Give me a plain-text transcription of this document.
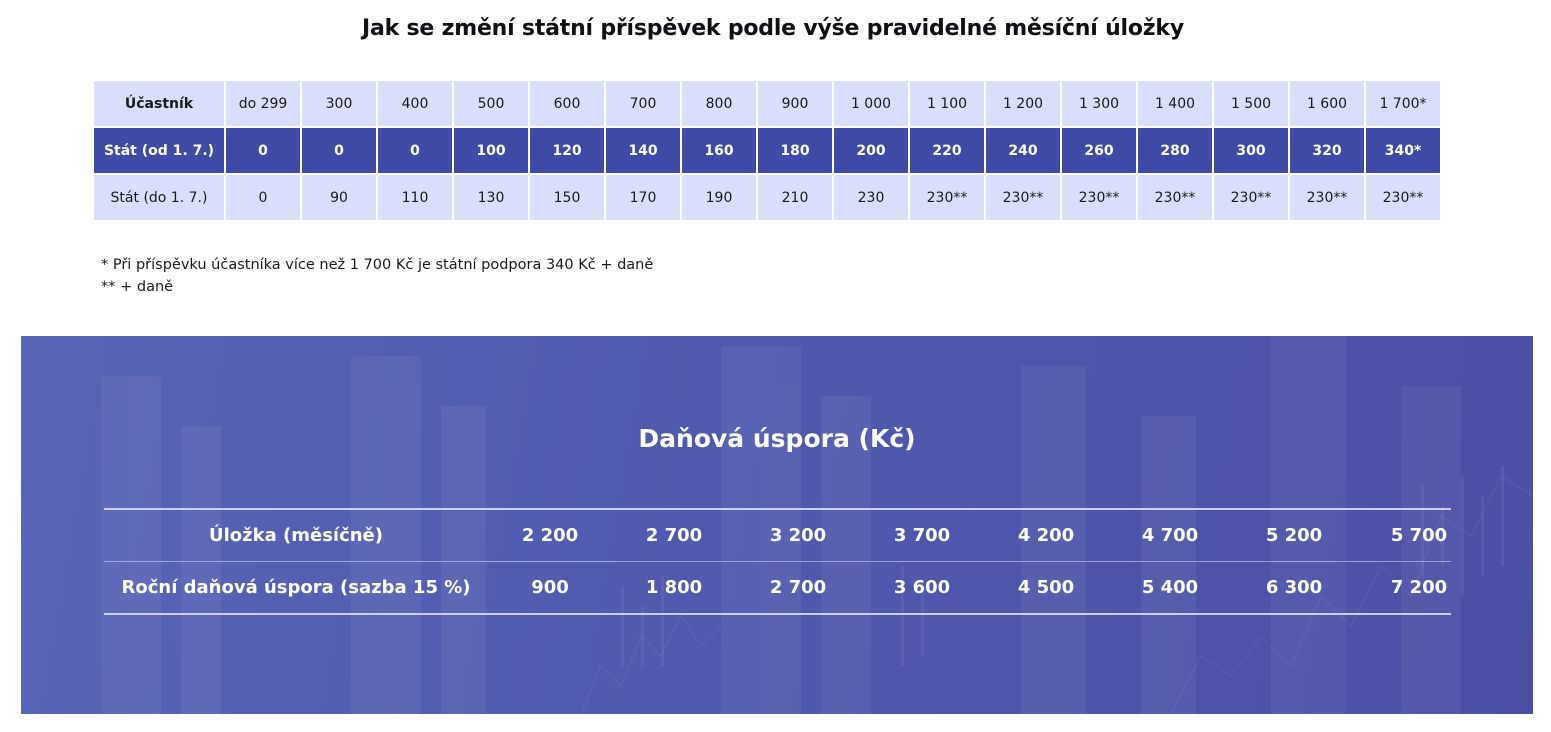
Jak se změní státní příspěvek podle výše pravidelné měsíční úložky
Účastník	do 299	300	400	500	600	700	800	900	1 000	1 100	1 200	1 300	1 400	1 500	1 600	1 700*
Stát (od 1. 7.)	0	0	0	100	120	140	160	180	200	220	240	260	280	300	320	340*
Stát (do 1. 7.)	0	90	110	130	150	170	190	210	230	230**	230**	230**	230**	230**	230**	230**
* Při příspěvku účastníka více než 1 700 Kč je státní podpora 340 Kč + daně
** + daně
Daňová úspora (Kč)
Úložka (měsíčně)	2 200	2 700	3 200	3 700	4 200	4 700	5 200	5 700
Roční daňová úspora (sazba 15 %)	900	1 800	2 700	3 600	4 500	5 400	6 300	7 200
